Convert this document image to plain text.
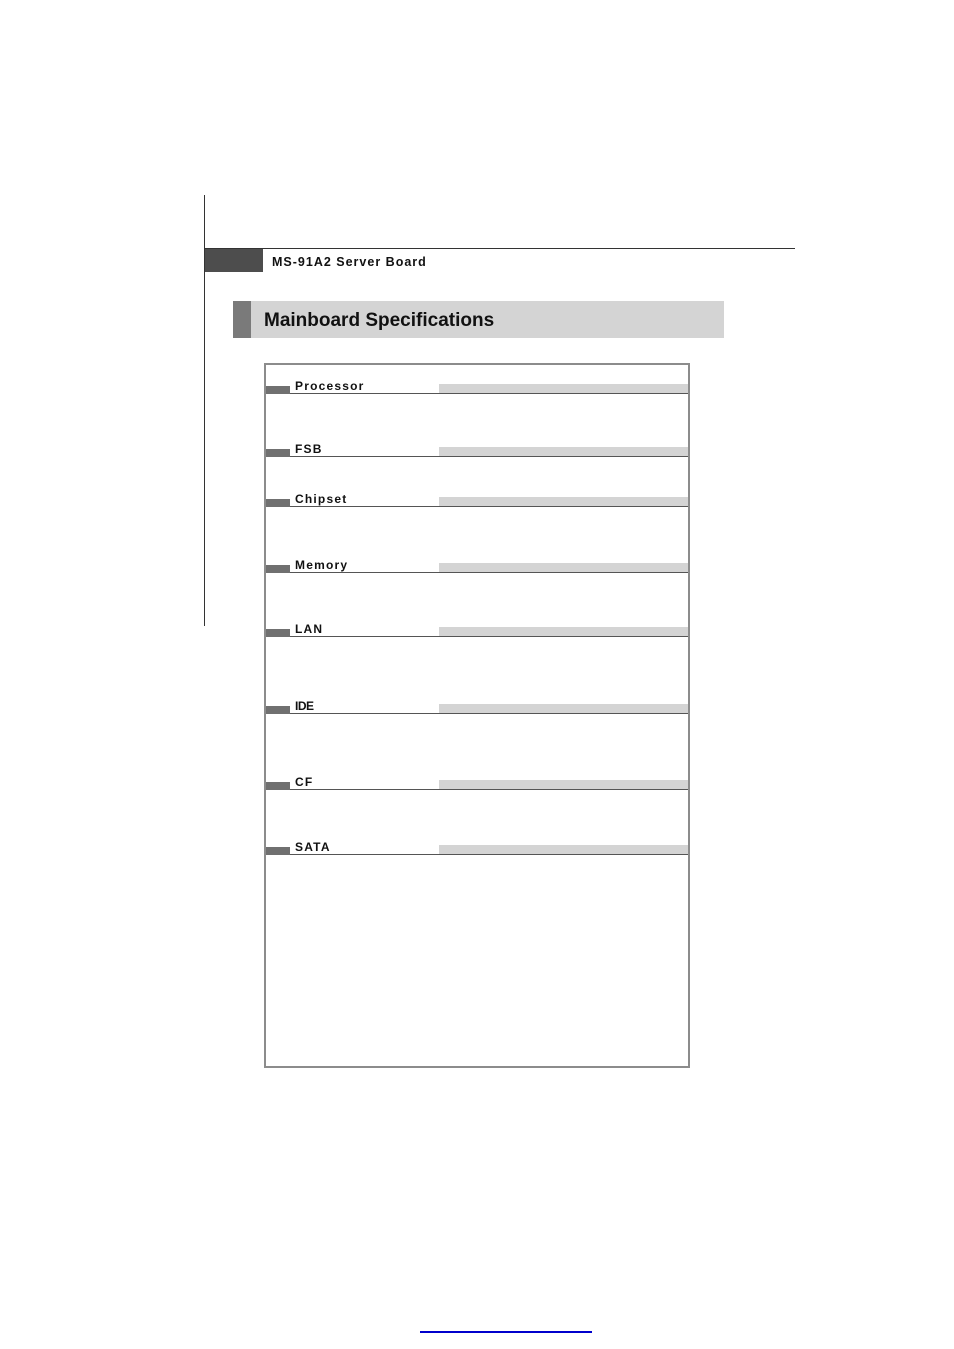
MS-91A2 Server Board
Mainboard Specifications
Processor
FSB
Chipset
Memory
LAN
IDE
CF
SATA
